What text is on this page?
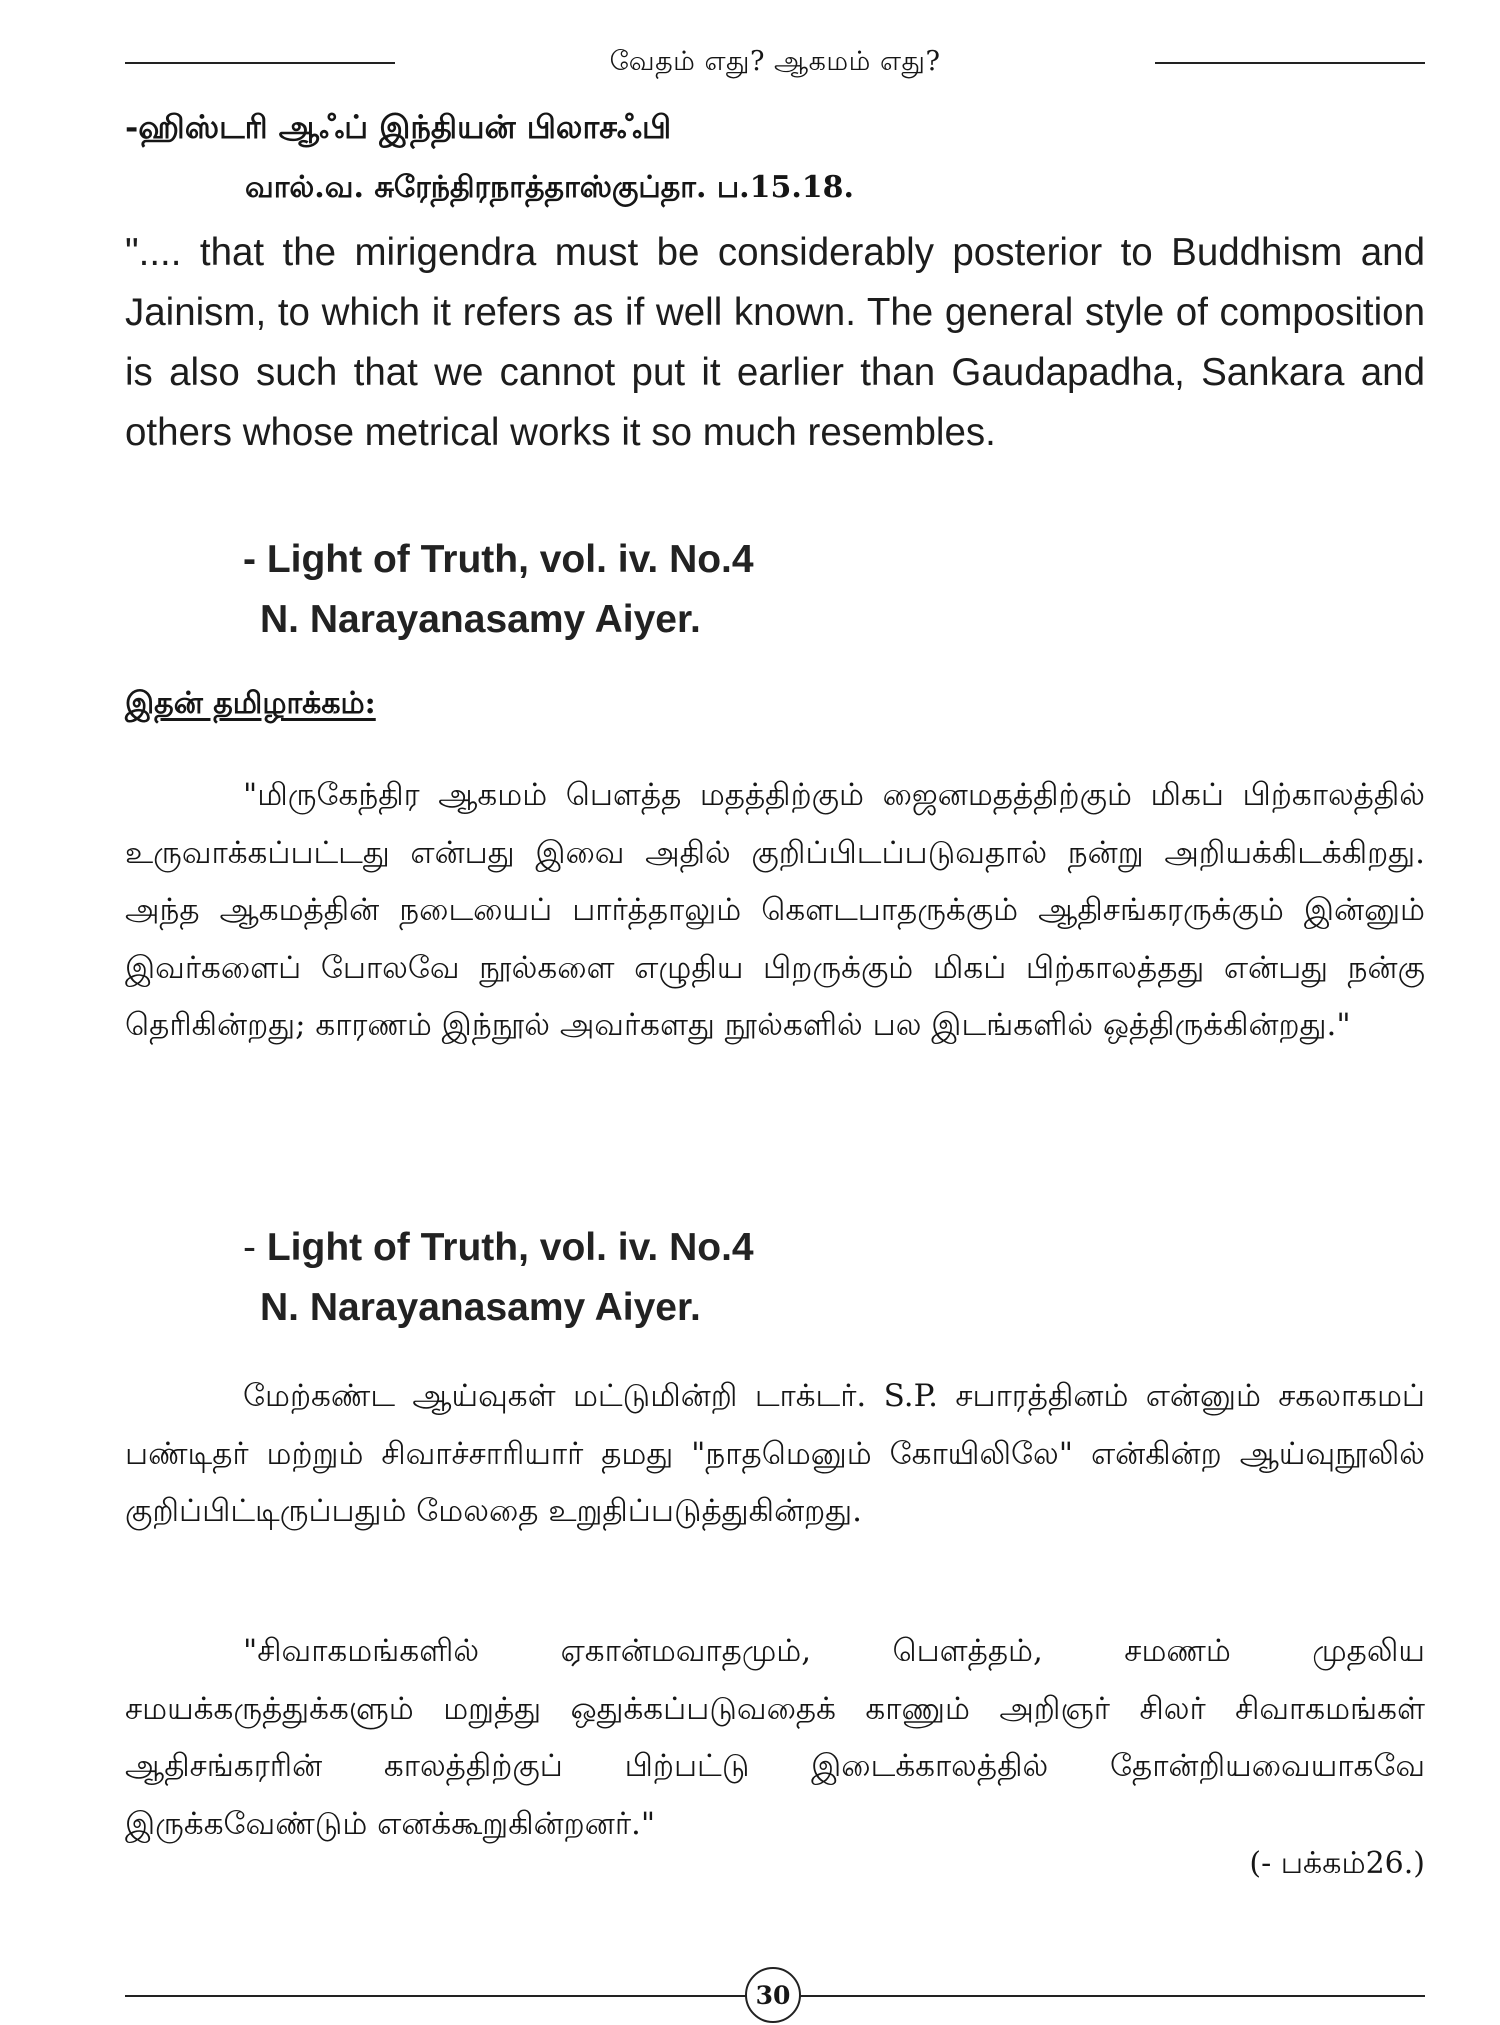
வேதம் எது? ஆகமம் எது?

-ஹிஸ்டரி ஆஃப் இந்தியன் பிலாசஃபி

வால்.வ. சுரேந்திரநாத்தாஸ்குப்தா. ப.15.18.

".... that the mirigendra must be considerably posterior to Buddhism and Jainism, to which it refers as if well known. The general style of composition is also such that we cannot put it earlier than Gaudapadha, Sankara and others whose metrical works it so much resembles.

- Light of Truth, vol. iv. No.4
N. Narayanasamy Aiyer.

இதன் தமிழாக்கம்:

"மிருகேந்திர ஆகமம் பௌத்த மதத்திற்கும் ஜைனமதத்திற்கும் மிகப் பிற்காலத்தில் உருவாக்கப்பட்டது என்பது இவை அதில் குறிப்பிடப்படுவதால் நன்று அறியக்கிடக்கிறது. அந்த ஆகமத்தின் நடையைப் பார்த்தாலும் கௌடபாதருக்கும் ஆதிசங்கரருக்கும் இன்னும் இவர்களைப் போலவே நூல்களை எழுதிய பிறருக்கும் மிகப் பிற்காலத்தது என்பது நன்கு தெரிகின்றது; காரணம் இந்நூல் அவர்களது நூல்களில் பல இடங்களில் ஒத்திருக்கின்றது."

- Light of Truth, vol. iv. No.4
N. Narayanasamy Aiyer.

மேற்கண்ட ஆய்வுகள் மட்டுமின்றி டாக்டர். S.P. சபாரத்தினம் என்னும் சகலாகமப் பண்டிதர் மற்றும் சிவாச்சாரியார் தமது "நாதமெனும் கோயிலிலே" என்கின்ற ஆய்வுநூலில் குறிப்பிட்டிருப்பதும் மேலதை உறுதிப்படுத்துகின்றது.

"சிவாகமங்களில் ஏகான்மவாதமும், பௌத்தம், சமணம் முதலிய சமயக்கருத்துக்களும் மறுத்து ஒதுக்கப்படுவதைக் காணும் அறிஞர் சிலர் சிவாகமங்கள் ஆதிசங்கரரின் காலத்திற்குப் பிற்பட்டு இடைக்காலத்தில் தோன்றியவையாகவே இருக்கவேண்டும் எனக்கூறுகின்றனர்."

(- பக்கம்26.)
30
